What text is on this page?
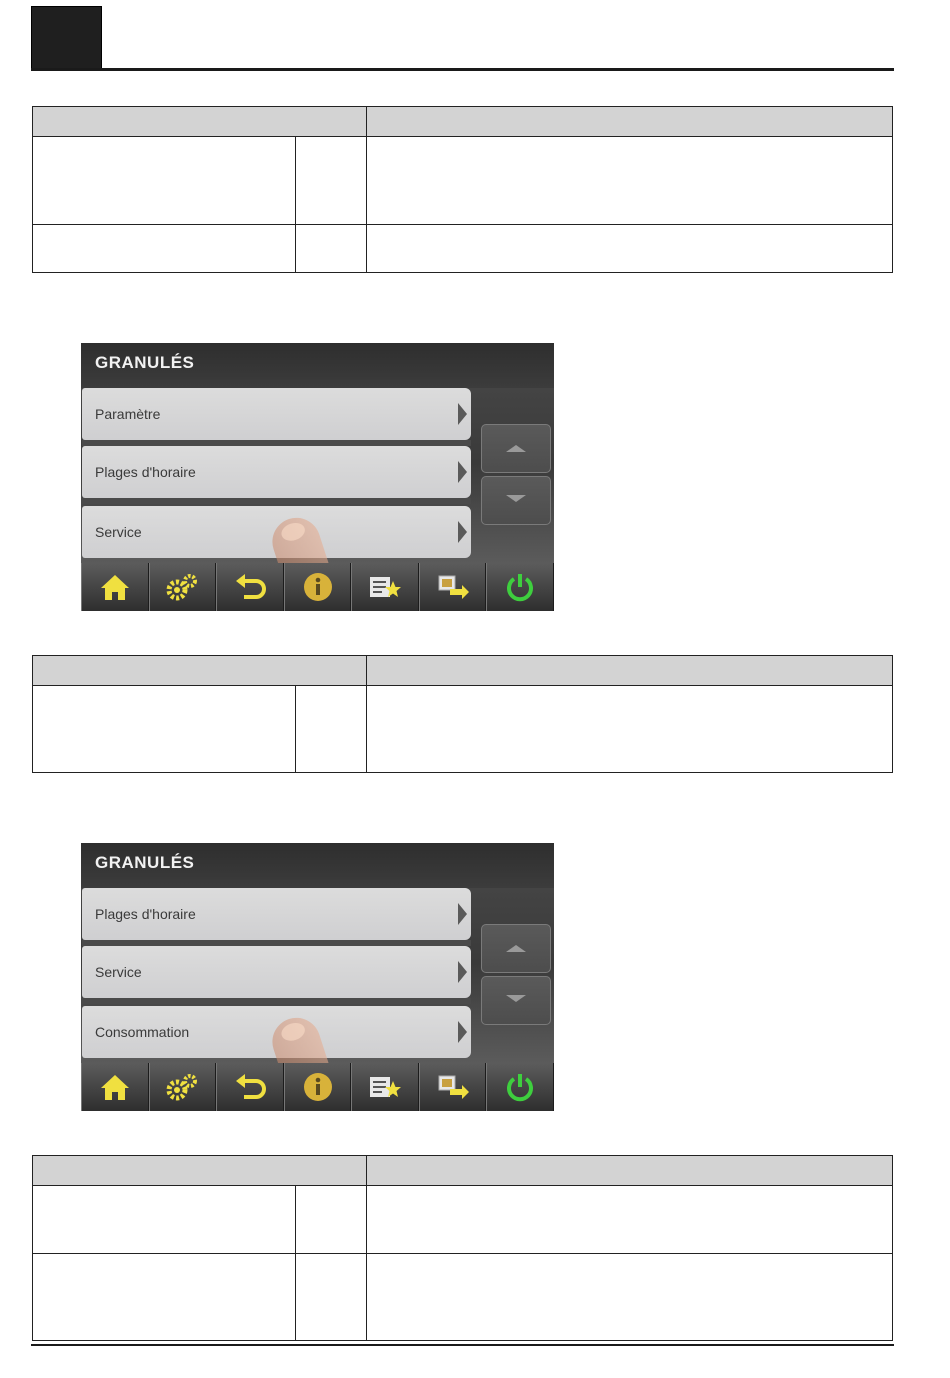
GRANULÉS
Paramètre
Plages d'horaire
Service
GRANULÉS
Plages d'horaire
Service
Consommation
